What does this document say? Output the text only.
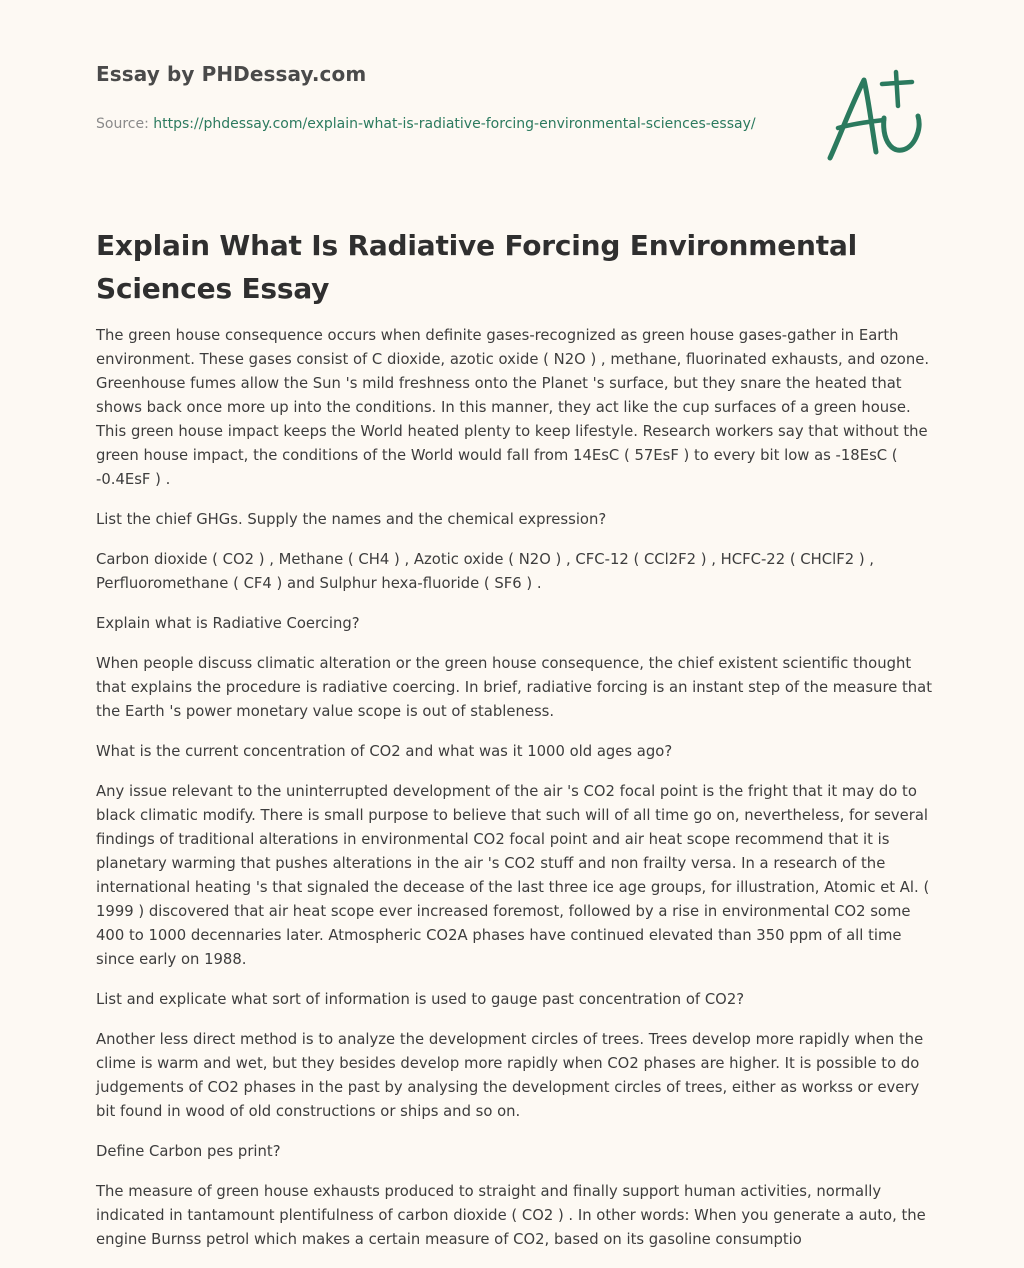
Essay by PHDessay.com
Source: https://phdessay.com/explain-what-is-radiative-forcing-environmental-sciences-essay/
Explain What Is Radiative Forcing Environmental Sciences Essay

The green house consequence occurs when definite gases-recognized as green house gases-gather in Earth environment. These gases consist of C dioxide, azotic oxide ( N2O ) , methane, fluorinated exhausts, and ozone. Greenhouse fumes allow the Sun 's mild freshness onto the Planet 's surface, but they snare the heated that shows back once more up into the conditions. In this manner, they act like the cup surfaces of a green house. This green house impact keeps the World heated plenty to keep lifestyle. Research workers say that without the green house impact, the conditions of the World would fall from 14EsC ( 57EsF ) to every bit low as -18EsC ( -0.4EsF ) .

List the chief GHGs. Supply the names and the chemical expression?

Carbon dioxide ( CO2 ) , Methane ( CH4 ) , Azotic oxide ( N2O ) , CFC-12 ( CCl2F2 ) , HCFC-22 ( CHClF2 ) , Perfluoromethane ( CF4 ) and Sulphur hexa-fluoride ( SF6 ) .

Explain what is Radiative Coercing?

When people discuss climatic alteration or the green house consequence, the chief existent scientific thought that explains the procedure is radiative coercing. In brief, radiative forcing is an instant step of the measure that the Earth 's power monetary value scope is out of stableness.

What is the current concentration of CO2 and what was it 1000 old ages ago?

Any issue relevant to the uninterrupted development of the air 's CO2 focal point is the fright that it may do to black climatic modify. There is small purpose to believe that such will of all time go on, nevertheless, for several findings of traditional alterations in environmental CO2 focal point and air heat scope recommend that it is planetary warming that pushes alterations in the air 's CO2 stuff and non frailty versa. In a research of the international heating 's that signaled the decease of the last three ice age groups, for illustration, Atomic et Al. ( 1999 ) discovered that air heat scope ever increased foremost, followed by a rise in environmental CO2 some 400 to 1000 decennaries later. Atmospheric CO2A phases have continued elevated than 350 ppm of all time since early on 1988.

List and explicate what sort of information is used to gauge past concentration of CO2?

Another less direct method is to analyze the development circles of trees. Trees develop more rapidly when the clime is warm and wet, but they besides develop more rapidly when CO2 phases are higher. It is possible to do judgements of CO2 phases in the past by analysing the development circles of trees, either as workss or every bit found in wood of old constructions or ships and so on.

Define Carbon pes print?

The measure of green house exhausts produced to straight and finally support human activities, normally indicated in tantamount plentifulness of carbon dioxide ( CO2 ) . In other words: When you generate a auto, the engine Burnss petrol which makes a certain measure of CO2, based on its gasoline consumptio
